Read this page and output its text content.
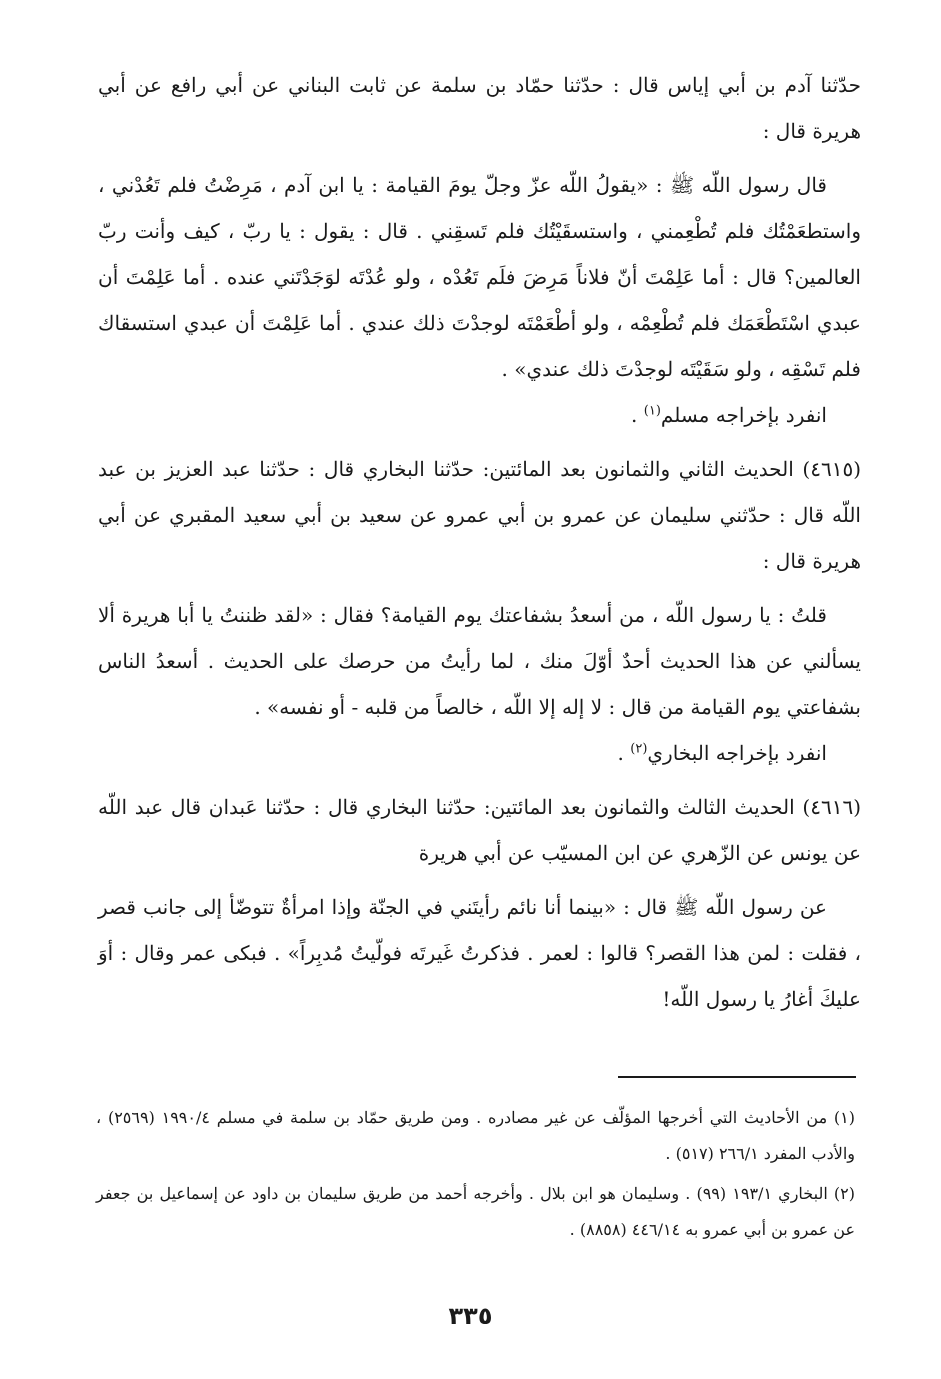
حدّثنا آدم بن أبي إياس قال : حدّثنا حمّاد بن سلمة عن ثابت البناني عن أبي رافع عن أبي هريرة قال :

قال رسول اللّه ﷺ : «يقولُ اللّه عزّ وجلّ يومَ القيامة : يا ابن آدم ، مَرِضْتُ فلم تَعُدْني ، واستطعَمْتُك فلم تُطْعِمني ، واستسقَيْتُك فلم تَسقِني . قال : يقول : يا ربّ ، كيف وأنت ربّ العالمين؟ قال : أما عَلِمْتَ أنّ فلاناً مَرِضَ فلَم تَعُدْه ، ولو عُدْتَه لوَجَدْتَني عنده . أما عَلِمْتَ أن عبدي اسْتَطْعَمَك فلم تُطْعِمْه ، ولو أطْعَمْتَه لوجدْتَ ذلك عندي . أما عَلِمْتَ أن عبدي استسقاك فلم تَسْقِه ، ولو سَقَيْتَه لوجدْتَ ذلك عندي» .

انفرد بإخراجه مسلم$^{(١)}$ .

(٤٦١٥) الحديث الثاني والثمانون بعد المائتين: حدّثنا البخاري قال : حدّثنا عبد العزيز بن عبد اللّه قال : حدّثني سليمان عن عمرو بن أبي عمرو عن سعيد بن أبي سعيد المقبري عن أبي هريرة قال :

قلتُ : يا رسول اللّه ، من أسعدُ بشفاعتك يوم القيامة؟ فقال : «لقد ظننتُ يا أبا هريرة ألا يسألني عن هذا الحديث أحدٌ أوّلَ منك ، لما رأيتُ من حرصك على الحديث . أسعدُ الناس بشفاعتي يوم القيامة من قال : لا إله إلا اللّه ، خالصاً من قلبه - أو نفسه» .

انفرد بإخراجه البخاري$^{(٢)}$ .

(٤٦١٦) الحديث الثالث والثمانون بعد المائتين: حدّثنا البخاري قال : حدّثنا عَبدان قال عبد اللّه عن يونس عن الزّهري عن ابن المسيّب عن أبي هريرة

عن رسول اللّه ﷺ قال : «بينما أنا نائم رأيتَني في الجنّة وإذا امرأةٌ تتوضّأ إلى جانب قصر ، فقلت : لمن هذا القصر؟ قالوا : لعمر . فذكرتُ غَيرتَه فولّيتُ مُدبِراً» . فبكى عمر وقال : أوَ عليكَ أغارُ يا رسول اللّه!

(١) من الأحاديث التي أخرجها المؤلّف عن غير مصادره . ومن طريق حمّاد بن سلمة في مسلم ١٩٩٠/٤ (٢٥٦٩) ، والأدب المفرد ٢٦٦/١ (٥١٧) .

(٢) البخاري ١٩٣/١ (٩٩) . وسليمان هو ابن بلال . وأخرجه أحمد من طريق سليمان بن داود عن إسماعيل بن جعفر عن عمرو بن أبي عمرو به ٤٤٦/١٤ (٨٨٥٨) .

٣٣٥
